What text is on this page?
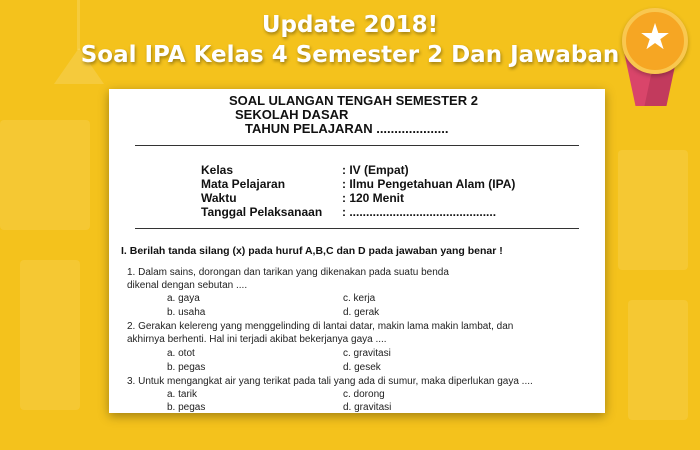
Update 2018!
Soal IPA Kelas 4 Semester 2 Dan Jawaban ★
SOAL ULANGAN TENGAH SEMESTER 2
SEKOLAH DASAR
TAHUN PELAJARAN ....................
Kelas	: IV (Empat)
Mata Pelajaran	: Ilmu Pengetahuan Alam (IPA)
Waktu	: 120 Menit
Tanggal Pelaksanaan : ............................................
I. Berilah tanda silang (x) pada huruf A,B,C dan D pada jawaban yang benar !
1. Dalam sains, dorongan dan tarikan yang dikenakan pada suatu benda
dikenal dengan sebutan ....
a. gaya	c. kerja
b. usaha	d. gerak
2. Gerakan kelereng yang menggelinding di lantai datar, makin lama makin lambat, dan
akhirnya berhenti. Hal ini terjadi akibat bekerjanya gaya ....
a. otot	c. gravitasi
b. pegas	d. gesek
3. Untuk mengangkat air yang terikat pada tali yang ada di sumur, maka diperlukan gaya ....
a. tarik	c. dorong
b. pegas	d. gravitasi
